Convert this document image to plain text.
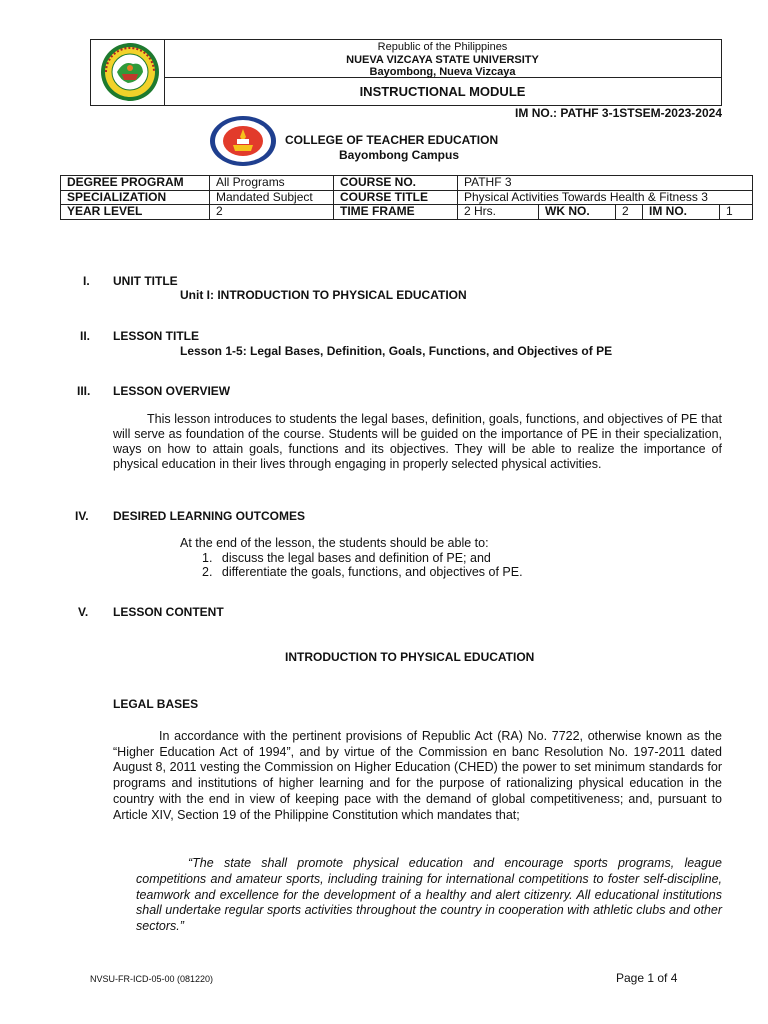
Republic of the Philippines
NUEVA VIZCAYA STATE UNIVERSITY
Bayombong, Nueva Vizcaya
INSTRUCTIONAL MODULE
IM NO.: PATHF 3-1STSEM-2023-2024
COLLEGE OF TEACHER EDUCATION
Bayombong Campus
DEGREE PROGRAM	All Programs	COURSE NO.	PATHF 3				
SPECIALIZATION	Mandated Subject	COURSE TITLE	Physical Activities Towards Health & Fitness 3				
YEAR LEVEL	2	TIME FRAME	2 Hrs.	WK NO.	2	IM NO.	1
I. UNIT TITLE
Unit I: INTRODUCTION TO PHYSICAL EDUCATION
II. LESSON TITLE
Lesson 1-5: Legal Bases, Definition, Goals, Functions, and Objectives of PE
III. LESSON OVERVIEW
This lesson introduces to students the legal bases, definition, goals, functions, and objectives of PE that will serve as foundation of the course. Students will be guided on the importance of PE in their specialization, ways on how to attain goals, functions and its objectives. They will be able to realize the importance of physical education in their lives through engaging in properly selected physical activities.
IV. DESIRED LEARNING OUTCOMES
At the end of the lesson, the students should be able to:
1. discuss the legal bases and definition of PE; and
2. differentiate the goals, functions, and objectives of PE.
V. LESSON CONTENT
INTRODUCTION TO PHYSICAL EDUCATION
LEGAL BASES
In accordance with the pertinent provisions of Republic Act (RA) No. 7722, otherwise known as the “Higher Education Act of 1994”, and by virtue of the Commission en banc Resolution No. 197-2011 dated August 8, 2011 vesting the Commission on Higher Education (CHED) the power to set minimum standards for programs and institutions of higher learning and for the purpose of rationalizing physical education in the country with the end in view of keeping pace with the demand of global competitiveness; and, pursuant to Article XIV, Section 19 of the Philippine Constitution which mandates that;
“The state shall promote physical education and encourage sports programs, league competitions and amateur sports, including training for international competitions to foster self-discipline, teamwork and excellence for the development of a healthy and alert citizenry. All educational institutions shall undertake regular sports activities throughout the country in cooperation with athletic clubs and other sectors.”
NVSU-FR-ICD-05-00 (081220)	Page 1 of 4
